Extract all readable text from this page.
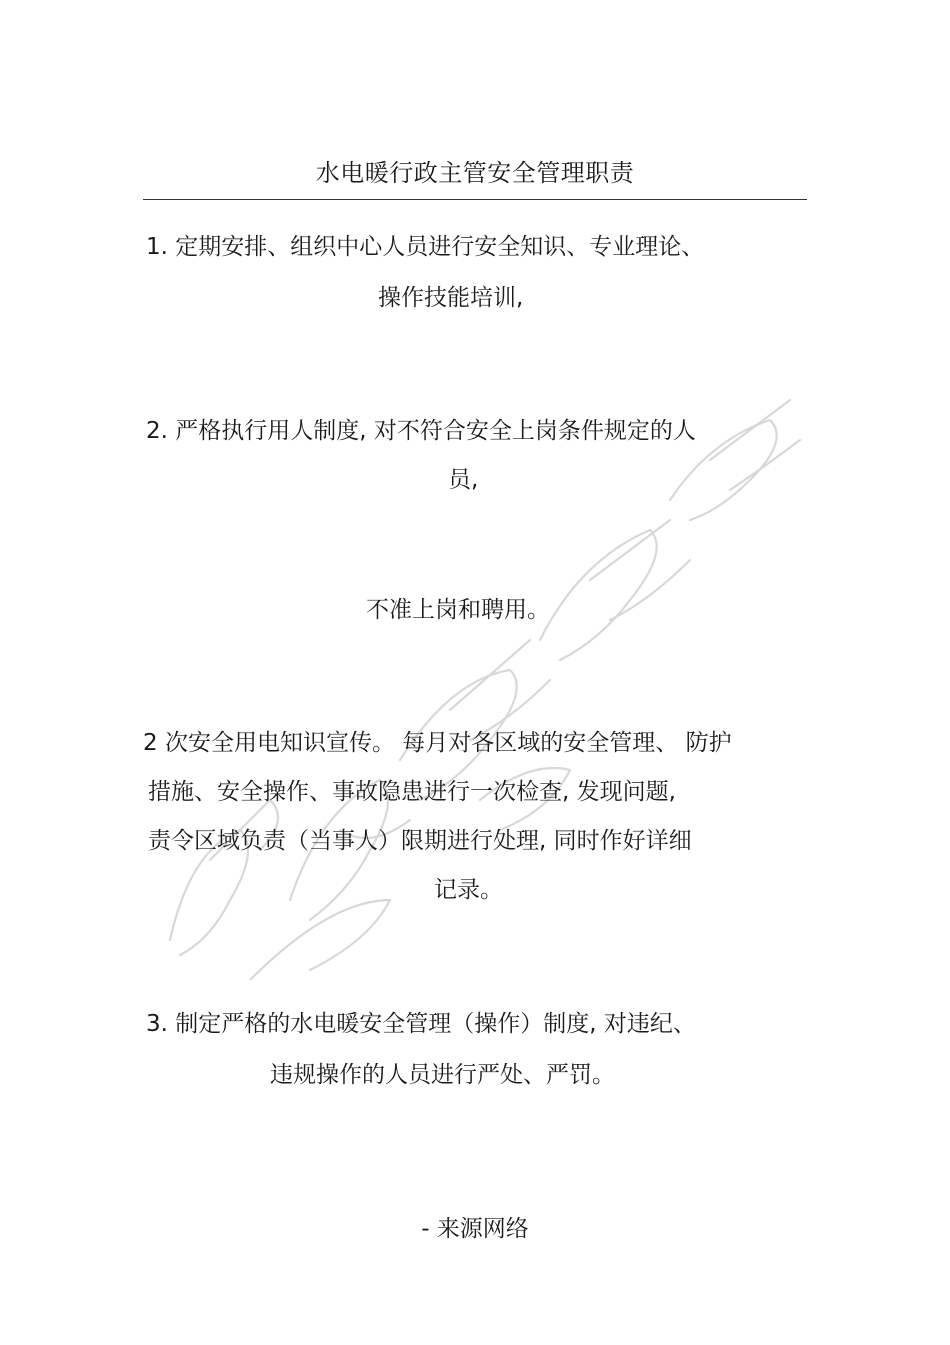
水电暖行政主管安全管理职责
1. 定期安排、组织中心人员进行安全知识、专业理论、
操作技能培训,
2. 严格执行用人制度, 对不符合安全上岗条件规定的人
员,
不准上岗和聘用。
2 次安全用电知识宣传。 每月对各区域的安全管理、 防护
措施、安全操作、事故隐患进行一次检查, 发现问题,
责令区域负责（当事人）限期进行处理, 同时作好详细
记录。
3. 制定严格的水电暖安全管理（操作）制度, 对违纪、
违规操作的人员进行严处、严罚。
- 来源网络
